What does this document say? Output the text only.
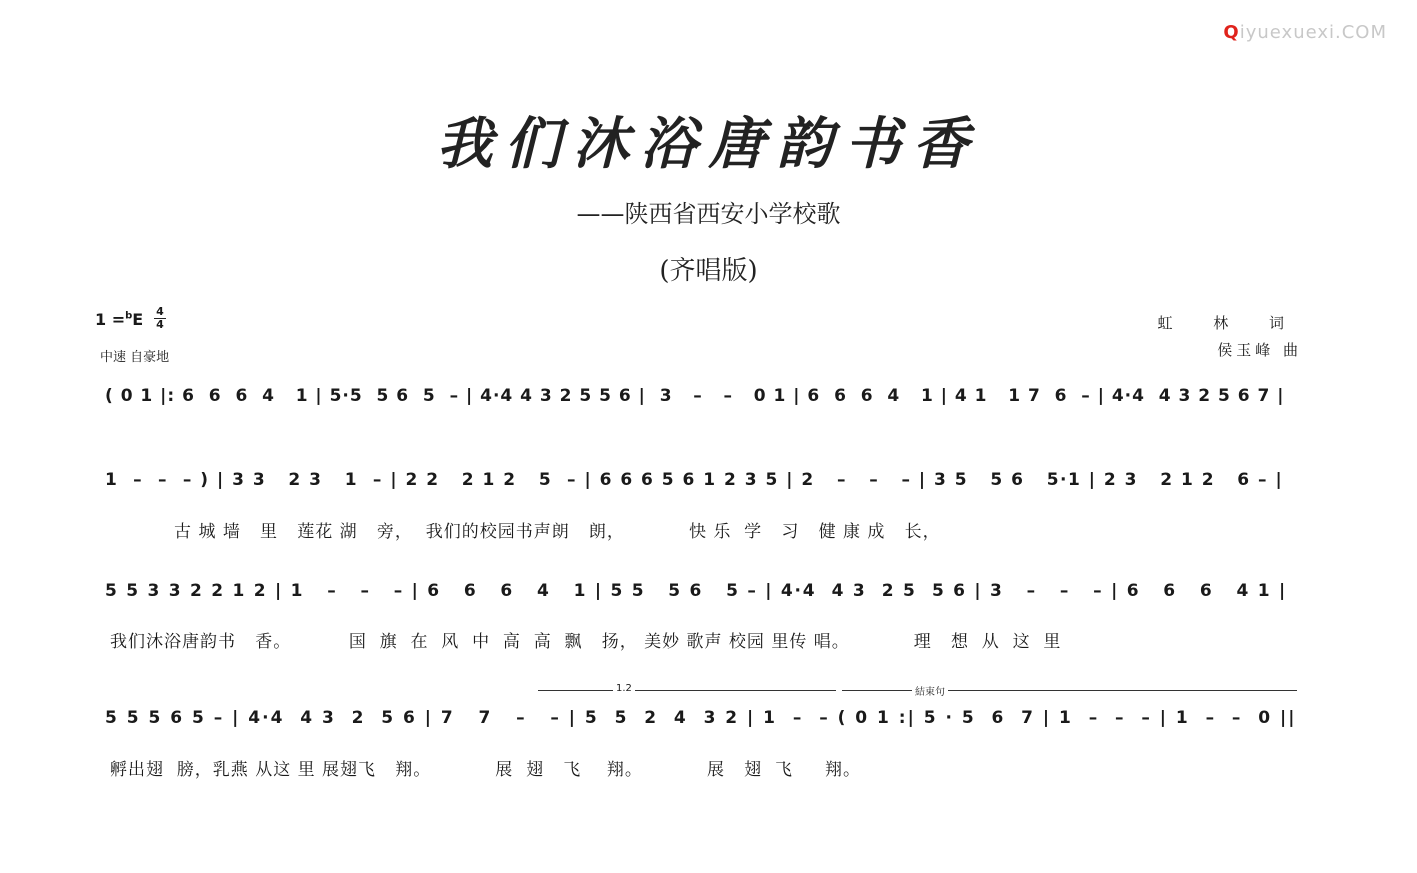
Qiyuexuexi.COM
我们沐浴唐韵书香
——陕西省西安小学校歌
(齐唱版)
1 =$^b$E 4
4
中速 自豪地
虹 林 词
侯玉峰 曲
( 0 1 |: 6  6  6  4   1 | 5·5  5 6  5  – | 4·4 4 3 2 5 5 6 |  3   –   –   0 1 | 6  6  6  4   1 | 4 1   1 7  6  – | 4·4  4 3 2 5 6 7 |
1  –  –  – ) | 3 3   2 3   1  – | 2 2   2 1 2   5  – | 6 6 6 5 6 1 2 3 5 | 2   –   –   – | 3 5   5 6   5·1 | 2 3   2 1 2   6 – |
古 城 墙   里   莲花 湖   旁，  我们的校园书声朗   朗，          快 乐  学   习   健 康 成   长，
5 5 3 3 2 2 1 2 | 1   –   –   – | 6   6   6   4   1 | 5 5   5 6   5 – | 4·4  4 3  2 5  5 6 | 3   –   –   – | 6   6   6   4 1 |
我们沐浴唐韵书   香。         国  旗  在  风  中  高  高  飘   扬， 美妙 歌声 校园 里传 唱。          理   想  从  这  里
1.2	結束句
5 5 5 6 5 – | 4·4  4 3  2  5 6 | 7   7   –   – | 5  5  2  4  3 2 | 1  –  – ( 0 1 :| 5 · 5  6  7 | 1  –  –  – | 1  –  –  0 ||
孵出翅  膀，乳燕 从这 里 展翅飞   翔。          展  翅   飞    翔。          展   翅  飞     翔。
